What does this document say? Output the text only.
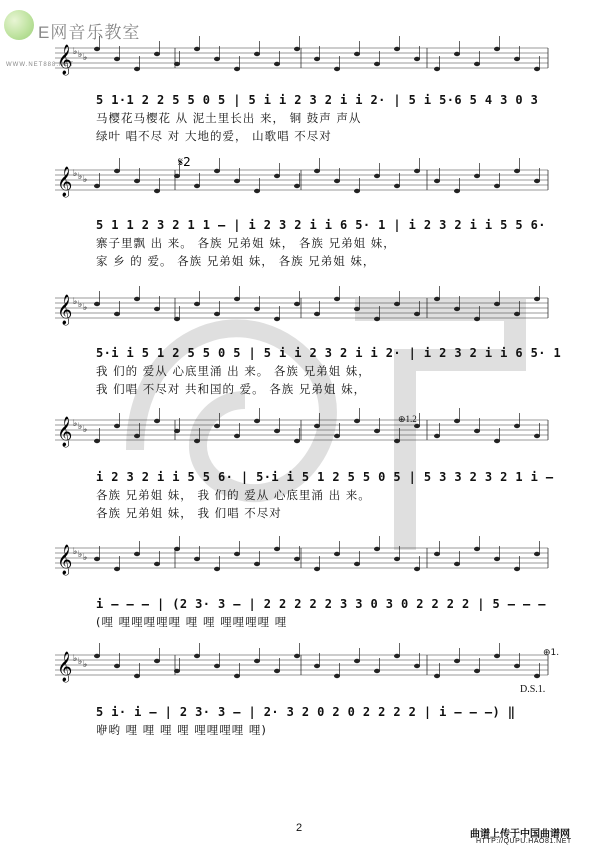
E网音乐教室
WWW.NET888.NET
𝄞 ♭ ♭ ♭
𝄞 ♭ ♭ ♭
𝄞 ♭ ♭ ♭
𝄞 ♭ ♭ ♭
𝄞 ♭ ♭ ♭
𝄞 ♭ ♭ ♭
𝄋2
5 1·1 2 2 5 5 0 5 | 5 i i 2 3 2 i i 2· | 5 i 5·6 5 4 3 0 3
马樱花马樱花 从 泥土里长出 来， 铜 鼓声 声从
绿叶 唱不尽 对 大地的爱， 山歌唱 不尽对
5 1 1 2 3 2 1 1 — | i 2 3 2 i i 6 5· 1 | i 2 3 2 i i 5 5 6·
寨子里飘 出 来。 各族 兄弟姐 妹， 各族 兄弟姐 妹，
家 乡 的 爱。 各族 兄弟姐 妹， 各族 兄弟姐 妹，
5·i i 5 1 2 5 5 0 5 | 5 i i 2 3 2 i i 2· | i 2 3 2 i i 6 5· 1
我 们的 爱从 心底里涌 出 来。 各族 兄弟姐 妹，
我 们唱 不尽对 共和国的 爱。 各族 兄弟姐 妹，
i 2 3 2 i i 5 5 6· | 5·i i 5 1 2 5 5 0 5 | 5 3 3 2 3 2 1 i —
各族 兄弟姐 妹， 我 们的 爱从 心底里涌 出 来。
各族 兄弟姐 妹， 我 们唱 不尽对
i — — — | (2 3· 3 — | 2 2 2 2 2 3 3 0 3 0 2 2 2 2 | 5 — — —
(哩 哩哩哩哩哩 哩 哩 哩哩哩哩 哩
5 i· i — | 2 3· 3 — | 2· 3 2 0 2 0 2 2 2 2 | i — — —) ‖
咿哟 哩 哩 哩 哩 哩哩哩哩 哩)
⊕1.2
D.S.1.
⊕1.
2
曲谱上传于中国曲谱网
HTTP://QUPU.HAO81.NET
